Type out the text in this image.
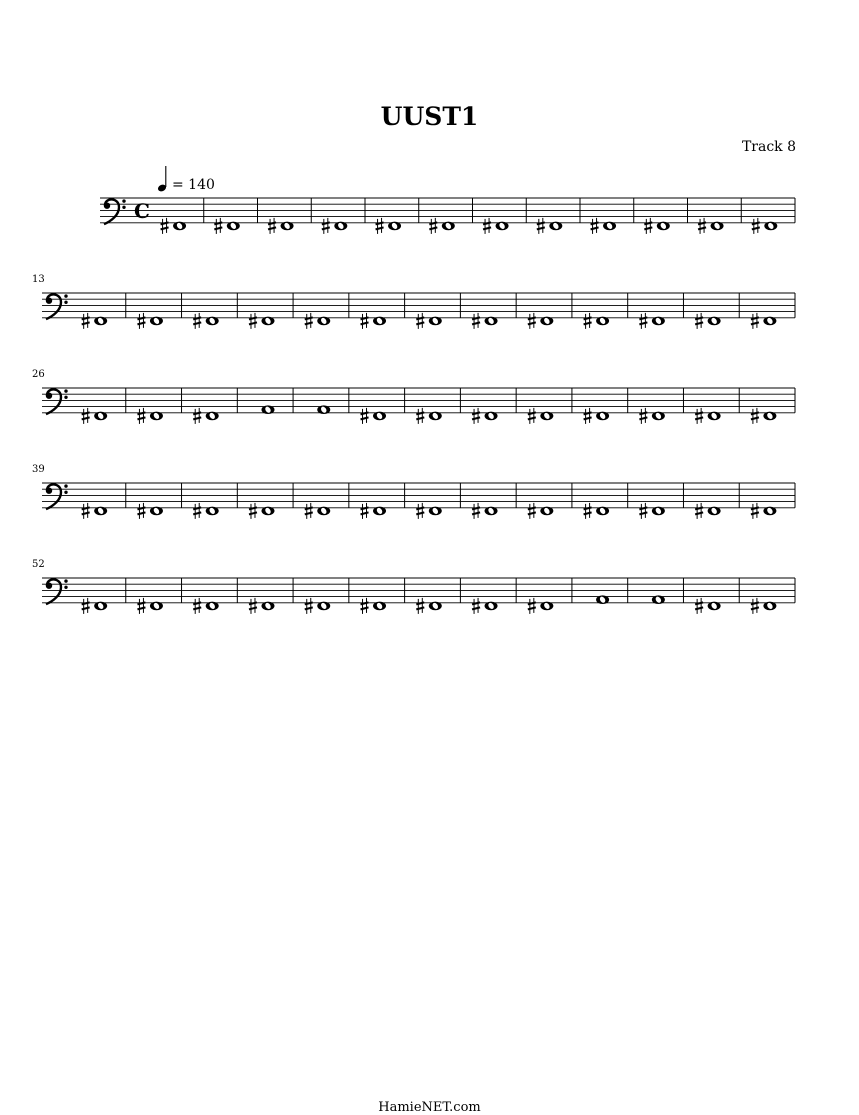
UUST1
Track 8
C
= 140
13
26
39
52
HamieNET.com
